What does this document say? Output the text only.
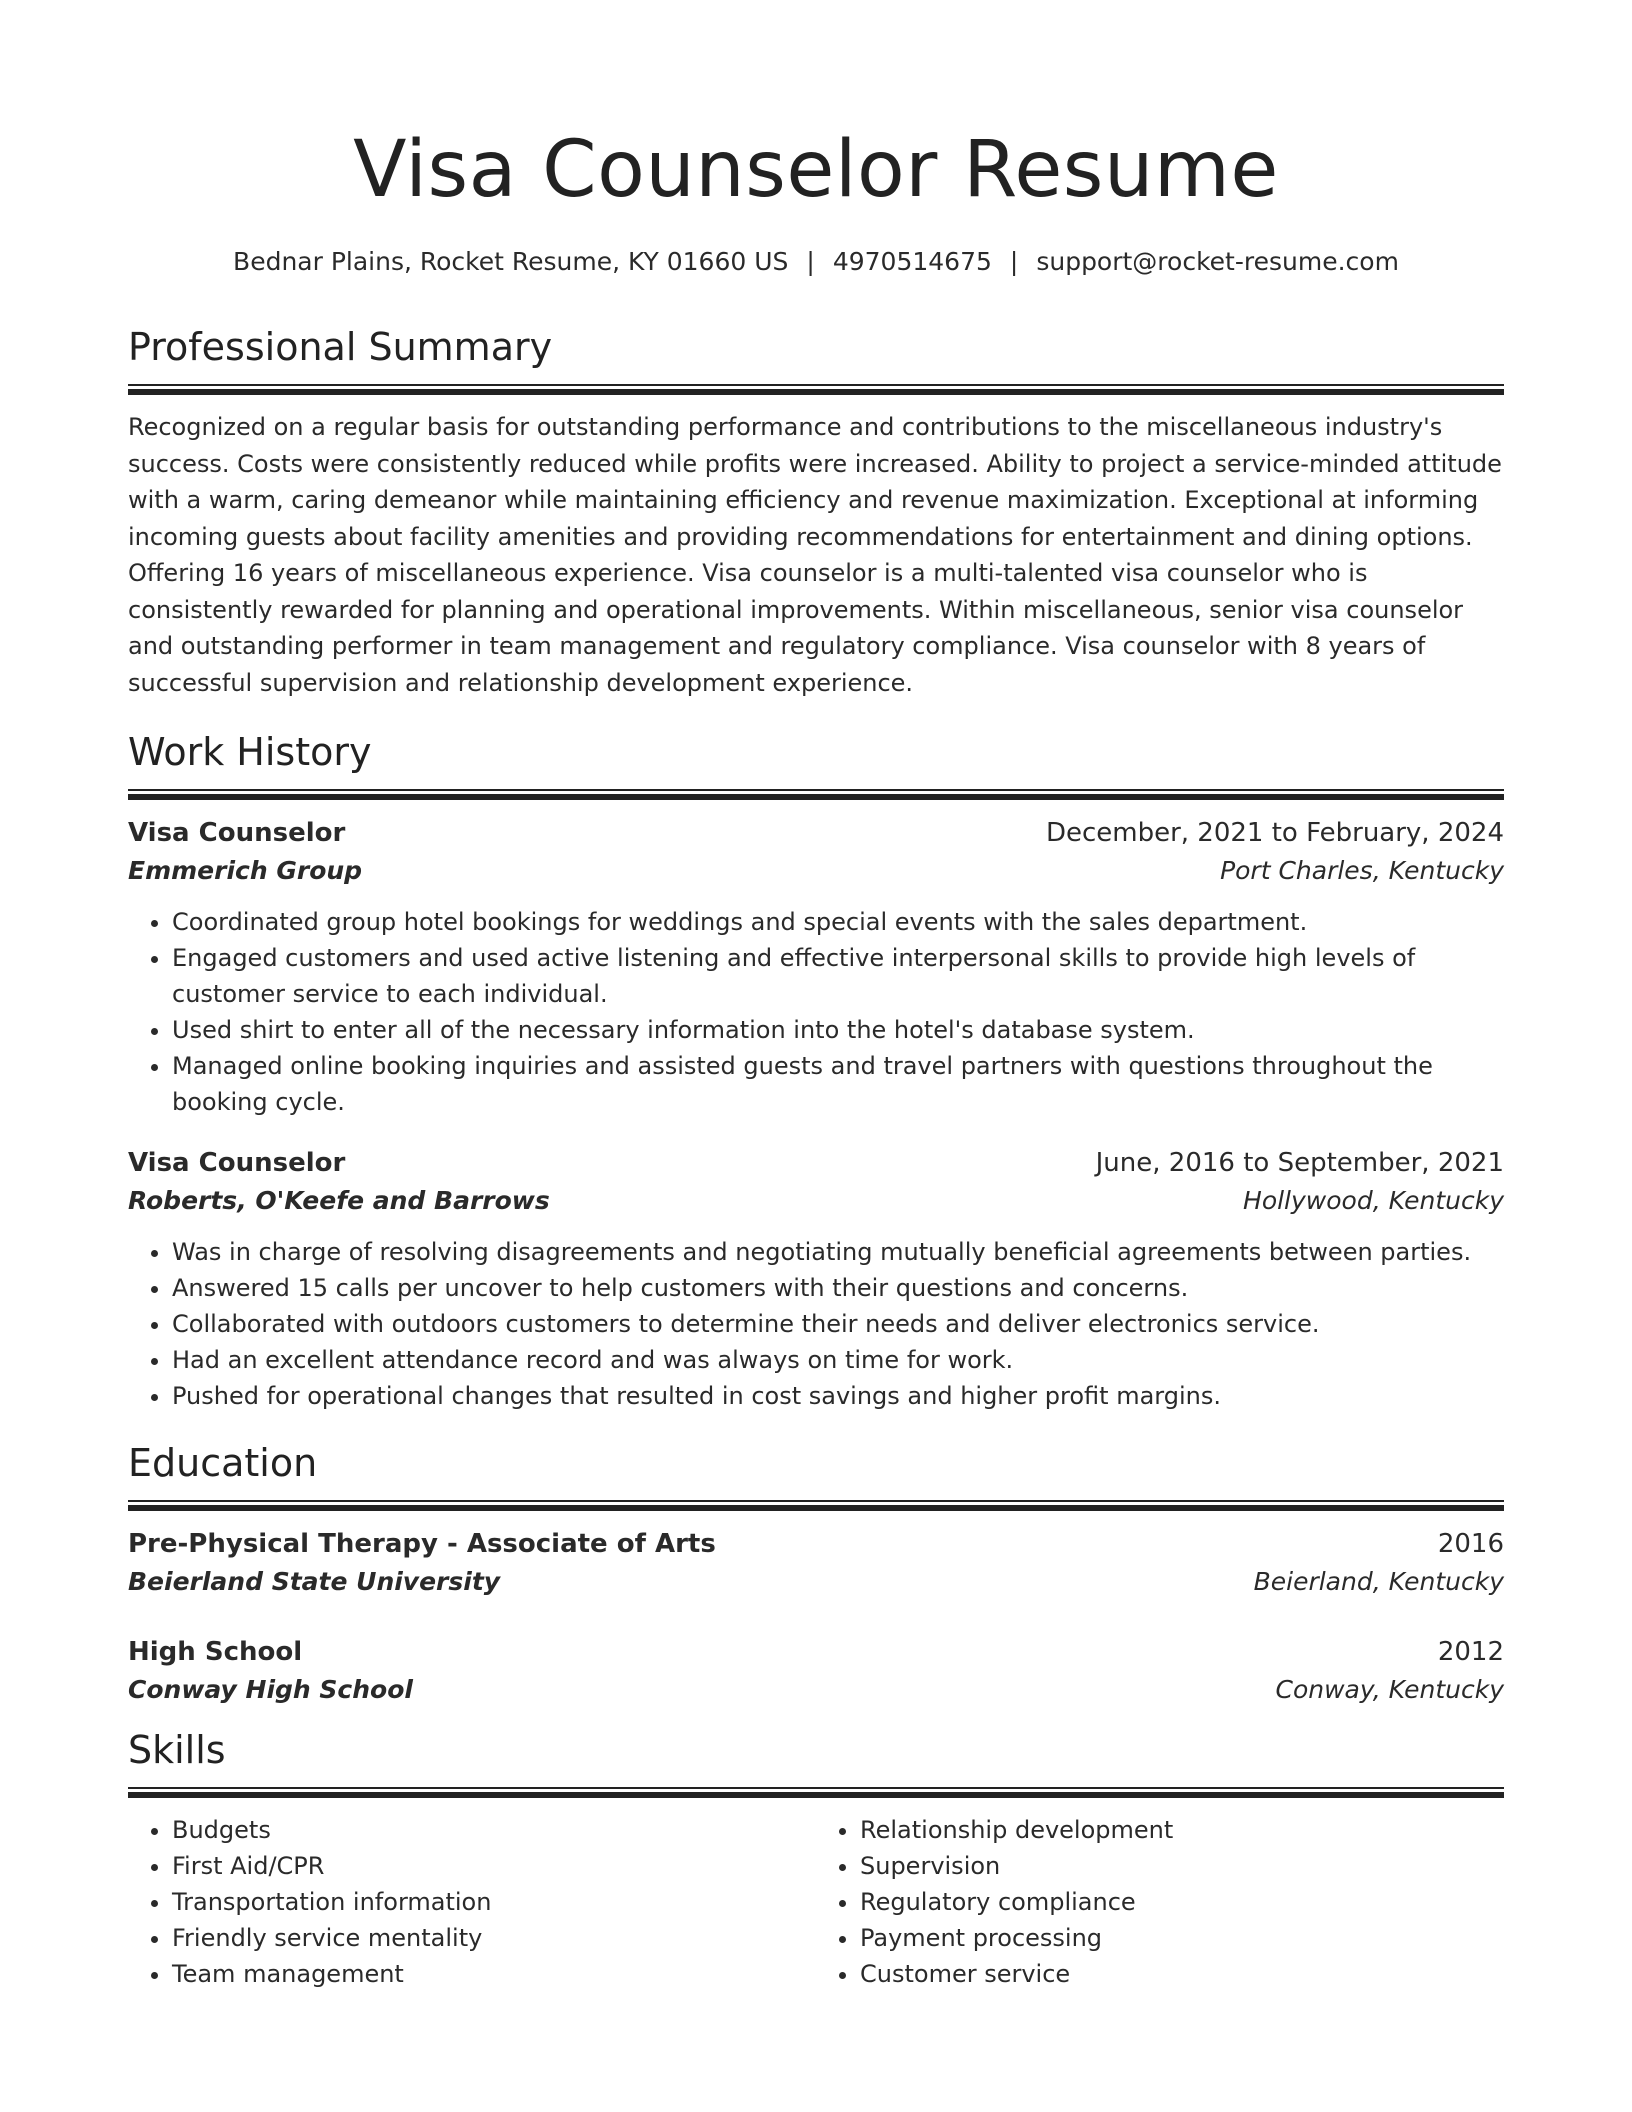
Visa Counselor Resume
Bednar Plains, Rocket Resume, KY 01660 US | 4970514675 | support@rocket-resume.com
Professional Summary
Recognized on a regular basis for outstanding performance and contributions to the miscellaneous industry's success. Costs were consistently reduced while profits were increased. Ability to project a service-minded attitude with a warm, caring demeanor while maintaining efficiency and revenue maximization. Exceptional at informing incoming guests about facility amenities and providing recommendations for entertainment and dining options. Offering 16 years of miscellaneous experience. Visa counselor is a multi-talented visa counselor who is consistently rewarded for planning and operational improvements. Within miscellaneous, senior visa counselor and outstanding performer in team management and regulatory compliance. Visa counselor with 8 years of successful supervision and relationship development experience.
Work History
Visa Counselor	December, 2021 to February, 2024
Emmerich Group	Port Charles, Kentucky
• Coordinated group hotel bookings for weddings and special events with the sales department.
• Engaged customers and used active listening and effective interpersonal skills to provide high levels of customer service to each individual.
• Used shirt to enter all of the necessary information into the hotel's database system.
• Managed online booking inquiries and assisted guests and travel partners with questions throughout the booking cycle.
Visa Counselor	June, 2016 to September, 2021
Roberts, O'Keefe and Barrows	Hollywood, Kentucky
• Was in charge of resolving disagreements and negotiating mutually beneficial agreements between parties.
• Answered 15 calls per uncover to help customers with their questions and concerns.
• Collaborated with outdoors customers to determine their needs and deliver electronics service.
• Had an excellent attendance record and was always on time for work.
• Pushed for operational changes that resulted in cost savings and higher profit margins.
Education
Pre-Physical Therapy - Associate of Arts	2016
Beierland State University	Beierland, Kentucky
High School	2012
Conway High School	Conway, Kentucky
Skills
• Budgets
• First Aid/CPR
• Transportation information
• Friendly service mentality
• Team management
• Relationship development
• Supervision
• Regulatory compliance
• Payment processing
• Customer service
